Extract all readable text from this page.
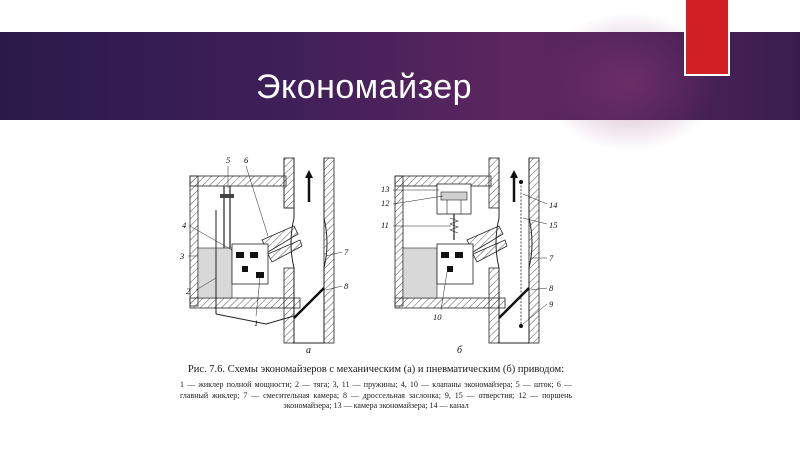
Экономайзер
5 6
4
3
2
1
7
8
а
13
12
11
14
15
7
8
9
10
б
Рис. 7.6. Схемы экономайзеров с механическим (а) и пневматическим (б) приводом:
1 — жиклер полной мощности; 2 — тяга; 3, 11 — пружины; 4, 10 — клапаны экономайзера; 5 — шток; 6 — главный жиклер; 7 — смесительная камера; 8 — дроссельная заслонка; 9, 15 — отверстия; 12 — поршень экономайзера; 13 — камера экономайзера; 14 — канал
